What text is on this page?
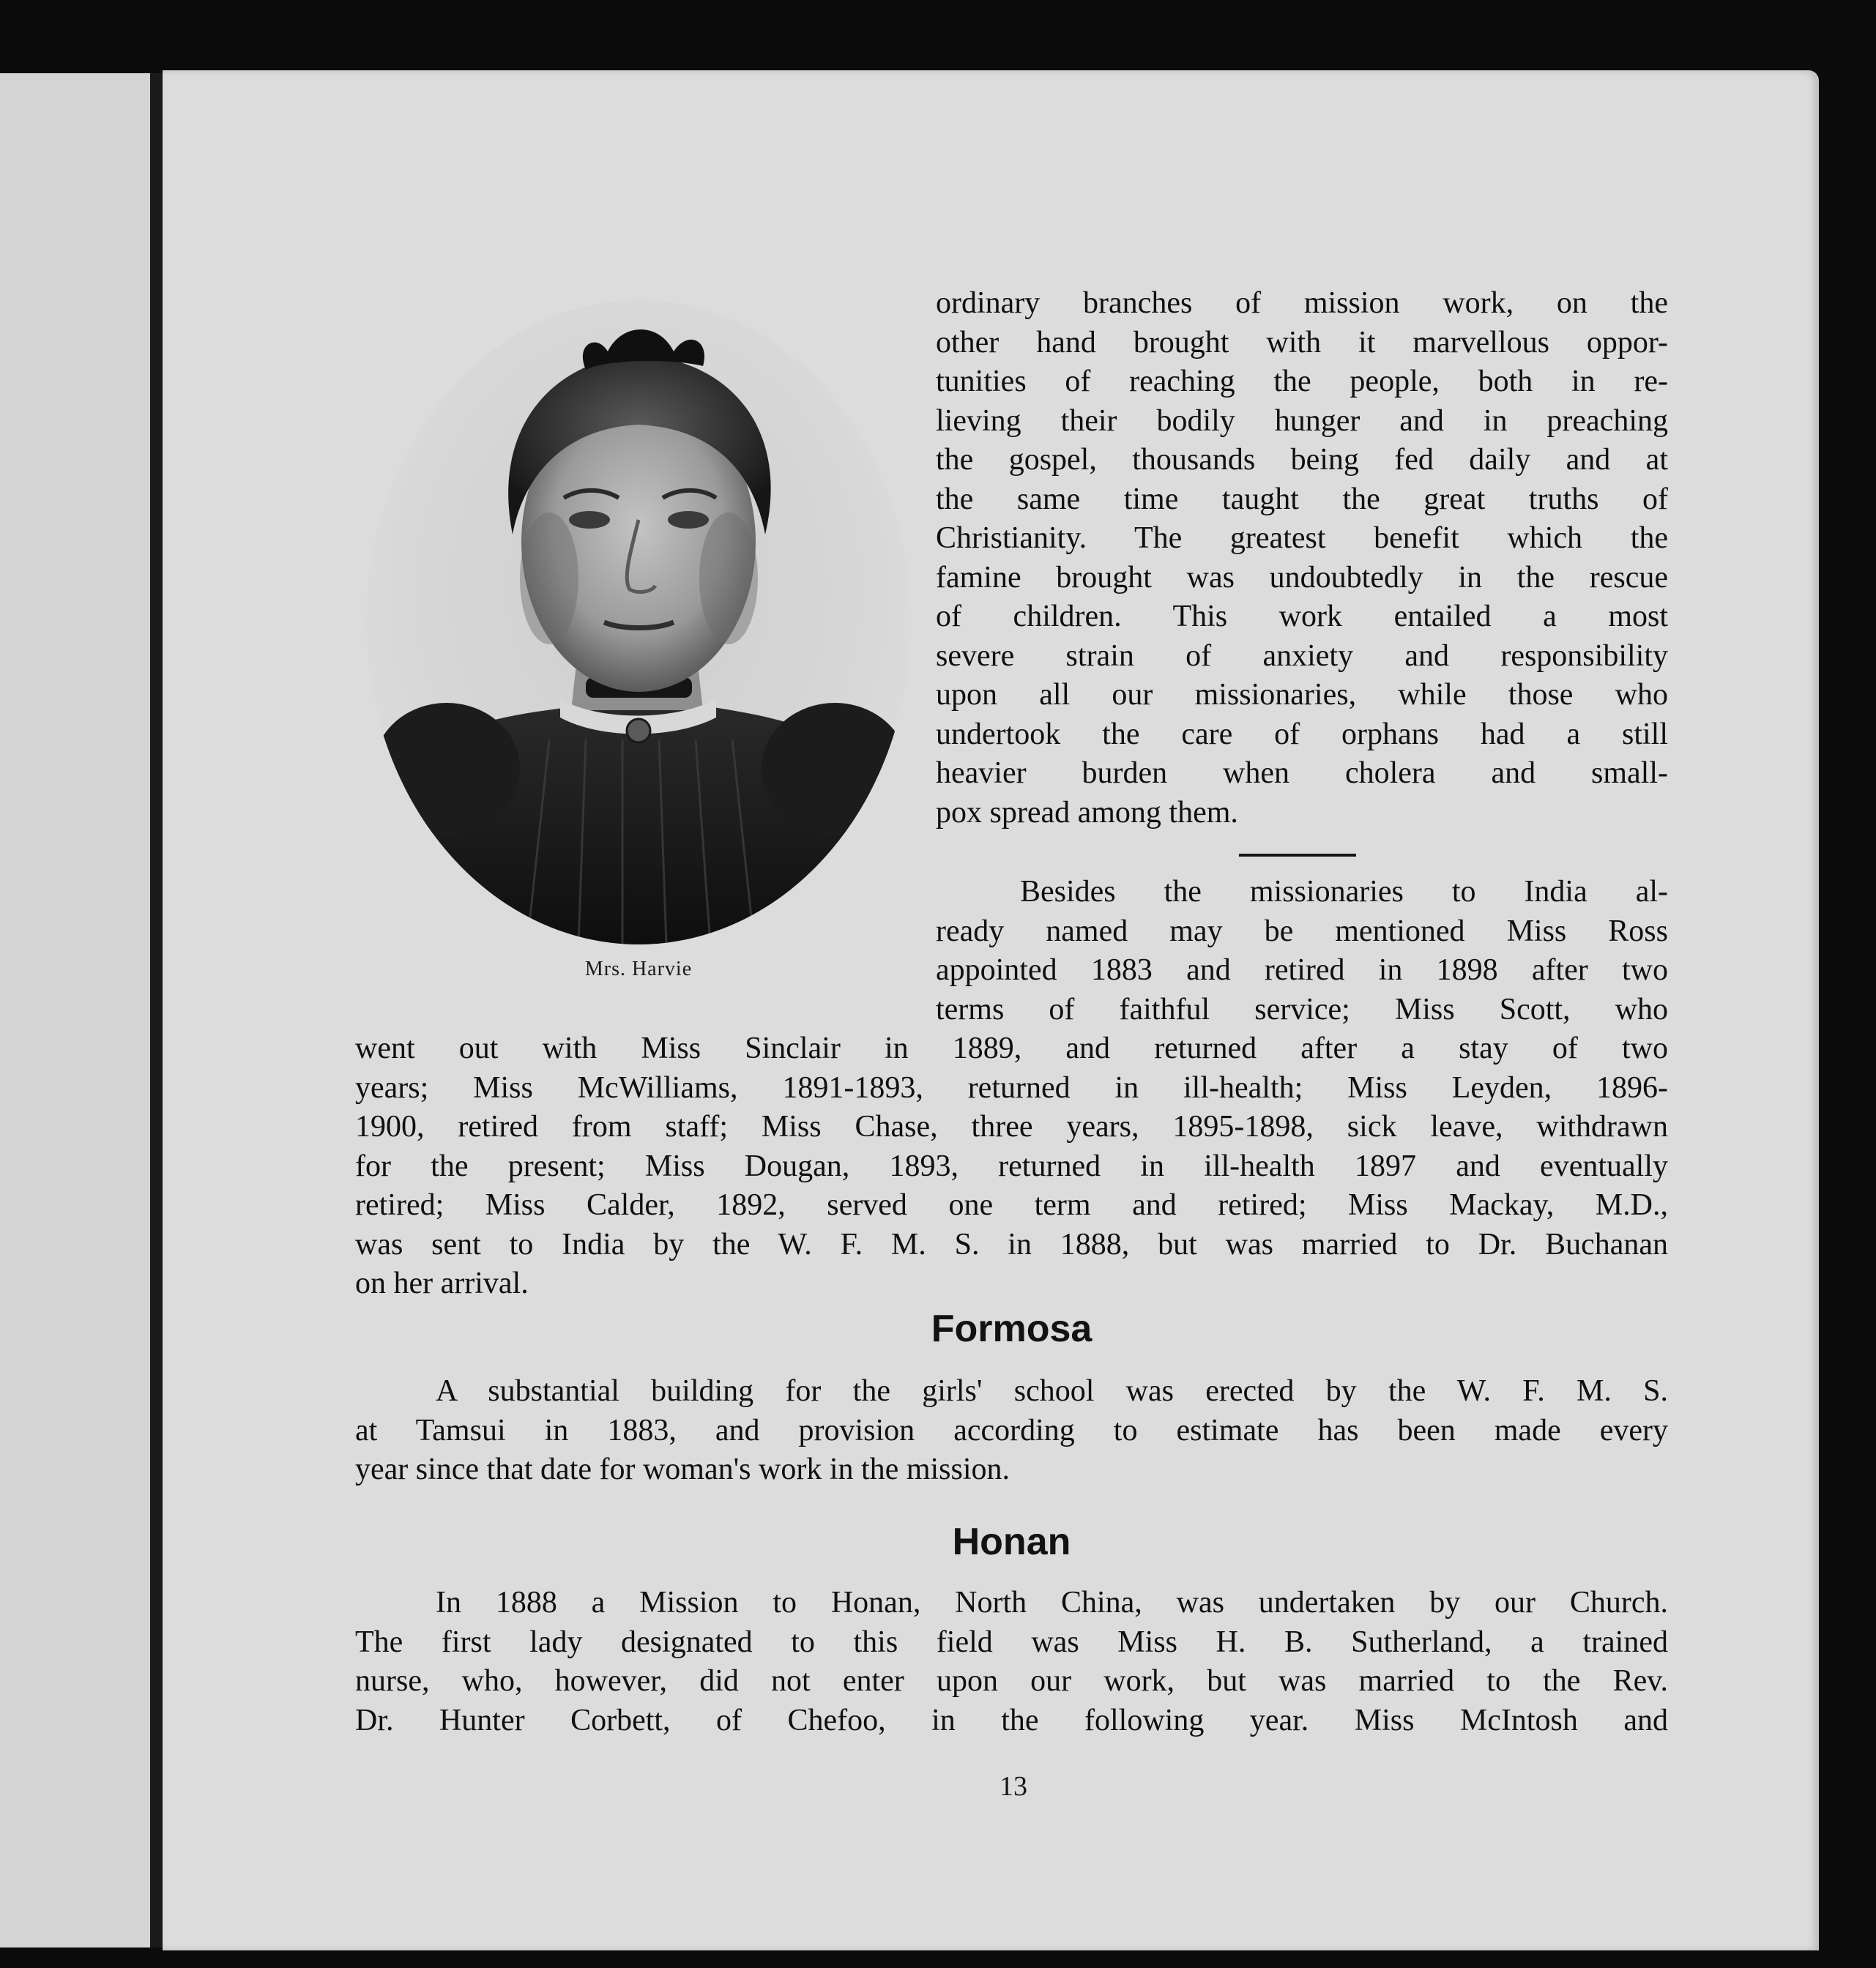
Mrs. Harvie

ordinary branches of mission work, on the

other hand brought with it marvellous oppor-

tunities of reaching the people, both in re-

lieving their bodily hunger and in preaching

the gospel, thousands being fed daily and at

the same time taught the great truths of

Christianity. The greatest benefit which the

famine brought was undoubtedly in the rescue

of children. This work entailed a most

severe strain of anxiety and responsibility

upon all our missionaries, while those who

undertook the care of orphans had a still

heavier burden when cholera and small-

pox spread among them.

Besides the missionaries to India al-

ready named may be mentioned Miss Ross

appointed 1883 and retired in 1898 after two

terms of faithful service; Miss Scott, who

went out with Miss Sinclair in 1889, and returned after a stay of two

years; Miss McWilliams, 1891-1893, returned in ill-health; Miss Leyden, 1896-

1900, retired from staff; Miss Chase, three years, 1895-1898, sick leave, withdrawn

for the present; Miss Dougan, 1893, returned in ill-health 1897 and eventually

retired; Miss Calder, 1892, served one term and retired; Miss Mackay, M.D.,

was sent to India by the W. F. M. S. in 1888, but was married to Dr. Buchanan

on her arrival.

Formosa

A substantial building for the girls' school was erected by the W. F. M. S.

at Tamsui in 1883, and provision according to estimate has been made every

year since that date for woman's work in the mission.

Honan

In 1888 a Mission to Honan, North China, was undertaken by our Church.

The first lady designated to this field was Miss H. B. Sutherland, a trained

nurse, who, however, did not enter upon our work, but was married to the Rev.

Dr. Hunter Corbett, of Chefoo, in the following year. Miss McIntosh and

13
